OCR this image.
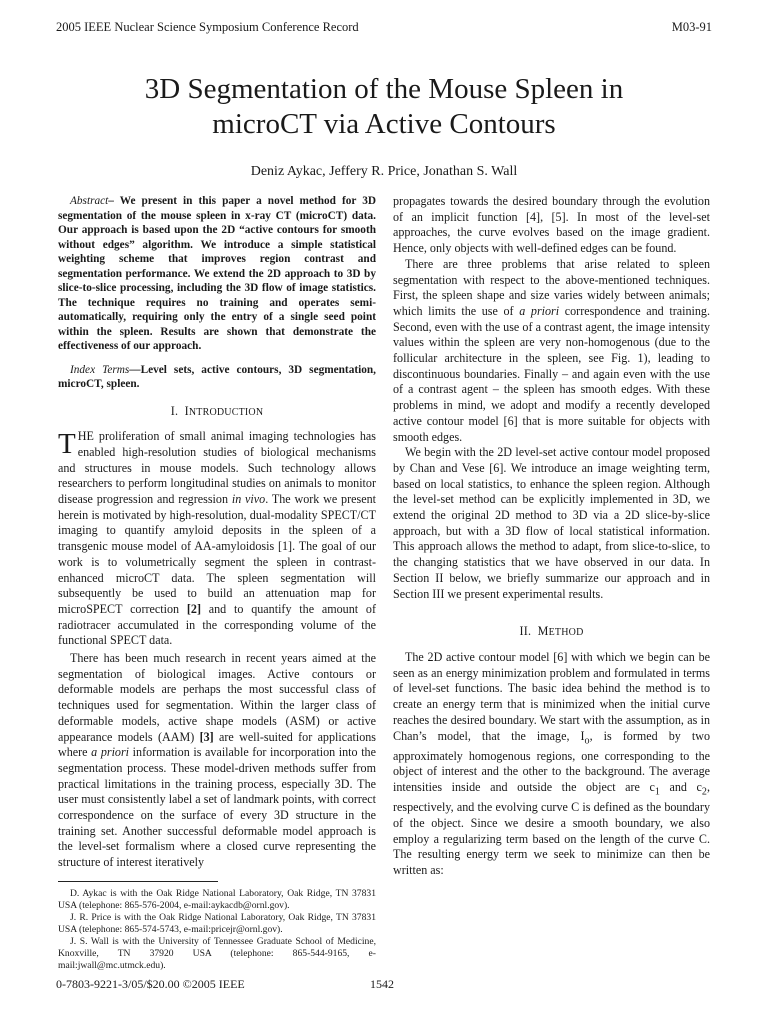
2005 IEEE Nuclear Science Symposium Conference Record	M03-91
3D Segmentation of the Mouse Spleen in
microCT via Active Contours
Deniz Aykac, Jeffery R. Price, Jonathan S. Wall

Abstract– We present in this paper a novel method for 3D segmentation of the mouse spleen in x-ray CT (microCT) data. Our approach is based upon the 2D “active contours for smooth without edges” algorithm. We introduce a simple statistical weighting scheme that improves region contrast and segmentation performance. We extend the 2D approach to 3D by slice-to-slice processing, including the 3D flow of image statistics. The technique requires no training and operates semi-automatically, requiring only the entry of a single seed point within the spleen. Results are shown that demonstrate the effectiveness of our approach.

Index Terms—Level sets, active contours, 3D segmentation, microCT, spleen.

I. INTRODUCTION

THE proliferation of small animal imaging technologies has enabled high-resolution studies of biological mechanisms and structures in mouse models. Such technology allows researchers to perform longitudinal studies on animals to monitor disease progression and regression in vivo. The work we present herein is motivated by high-resolution, dual-modality SPECT/CT imaging to quantify amyloid deposits in the spleen of a transgenic mouse model of AA-amyloidosis [1]. The goal of our work is to volumetrically segment the spleen in contrast-enhanced microCT data. The spleen segmentation will subsequently be used to build an attenuation map for microSPECT correction [2] and to quantify the amount of radiotracer accumulated in the corresponding volume of the functional SPECT data.

There has been much research in recent years aimed at the segmentation of biological images. Active contours or deformable models are perhaps the most successful class of techniques used for segmentation. Within the larger class of deformable models, active shape models (ASM) or active appearance models (AAM) [3] are well-suited for applications where a priori information is available for incorporation into the segmentation process. These model-driven methods suffer from practical limitations in the training process, especially 3D. The user must consistently label a set of landmark points, with correct correspondence on the surface of every 3D structure in the training set. Another successful deformable model approach is the level-set formalism where a closed curve representing the structure of interest iteratively

D. Aykac is with the Oak Ridge National Laboratory, Oak Ridge, TN 37831 USA (telephone: 865-576-2004, e-mail:aykacdb@ornl.gov).

J. R. Price is with the Oak Ridge National Laboratory, Oak Ridge, TN 37831 USA (telephone: 865-574-5743, e-mail:pricejr@ornl.gov).

J. S. Wall is with the University of Tennessee Graduate School of Medicine, Knoxville, TN 37920 USA (telephone: 865-544-9165, e-mail:jwall@mc.utmck.edu).

propagates towards the desired boundary through the evolution of an implicit function [4], [5]. In most of the level-set approaches, the curve evolves based on the image gradient. Hence, only objects with well-defined edges can be found.

There are three problems that arise related to spleen segmentation with respect to the above-mentioned techniques. First, the spleen shape and size varies widely between animals; which limits the use of a priori correspondence and training. Second, even with the use of a contrast agent, the image intensity values within the spleen are very non-homogenous (due to the follicular architecture in the spleen, see Fig. 1), leading to discontinuous boundaries. Finally – and again even with the use of a contrast agent – the spleen has smooth edges. With these problems in mind, we adopt and modify a recently developed active contour model [6] that is more suitable for objects with smooth edges.

We begin with the 2D level-set active contour model proposed by Chan and Vese [6]. We introduce an image weighting term, based on local statistics, to enhance the spleen region. Although the level-set method can be explicitly implemented in 3D, we extend the original 2D method to 3D via a 2D slice-by-slice approach, but with a 3D flow of local statistical information. This approach allows the method to adapt, from slice-to-slice, to the changing statistics that we have observed in our data. In Section II below, we briefly summarize our approach and in Section III we present experimental results.

II. METHOD

The 2D active contour model [6] with which we begin can be seen as an energy minimization problem and formulated in terms of level-set functions. The basic idea behind the method is to create an energy term that is minimized when the initial curve reaches the desired boundary. We start with the assumption, as in Chan’s model, that the image, $I_o$, is formed by two approximately homogenous regions, one corresponding to the object of interest and the other to the background. The average intensities inside and outside the object are $c_1$ and $c_2$, respectively, and the evolving curve C is defined as the boundary of the object. Since we desire a smooth boundary, we also employ a regularizing term based on the length of the curve C. The resulting energy term we seek to minimize can then be written as:

0-7803-9221-3/05/$20.00 ©2005 IEEE	1542
